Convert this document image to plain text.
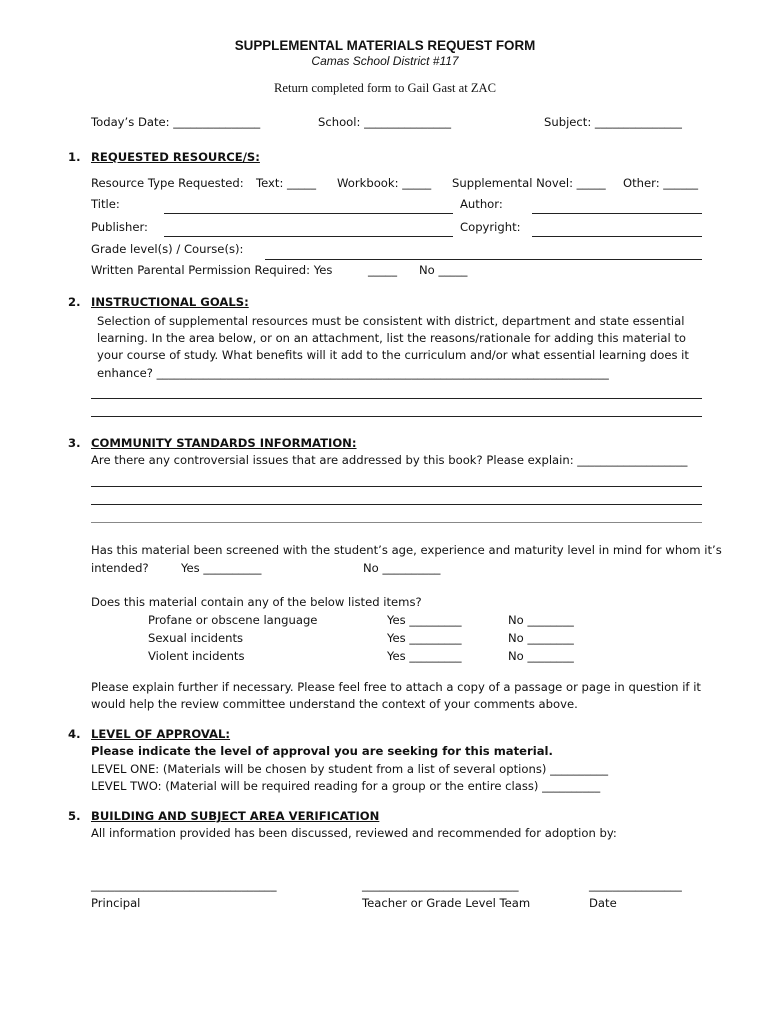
SUPPLEMENTAL MATERIALS REQUEST FORM
Camas School District #117
Return completed form to Gail Gast at ZAC
Today’s Date: _______________	School: _______________	Subject: _______________
1. REQUESTED RESOURCE/S:
Resource Type Requested: Text: _____ Workbook: _____ Supplemental Novel: _____ Other: ______
Title:	Author:
Publisher:	Copyright:
Grade level(s) / Course(s):
Written Parental Permission Required: Yes	_____ No _____
2. INSTRUCTIONAL GOALS:
Selection of supplemental resources must be consistent with district, department and state essential
learning. In the area below, or on an attachment, list the reasons/rationale for adding this material to
your course of study. What benefits will it add to the curriculum and/or what essential learning does it
enhance? ______________________________________________________________________________
3. COMMUNITY STANDARDS INFORMATION:
Are there any controversial issues that are addressed by this book? Please explain: ___________________
Has this material been screened with the student’s age, experience and maturity level in mind for whom it’s
intended?	Yes __________	No __________
Does this material contain any of the below listed items?
Profane or obscene language	Yes _________	No ________
Sexual incidents	Yes _________	No ________
Violent incidents	Yes _________	No ________
Please explain further if necessary. Please feel free to attach a copy of a passage or page in question if it
would help the review committee understand the context of your comments above.
4. LEVEL OF APPROVAL:
Please indicate the level of approval you are seeking for this material.
LEVEL ONE: (Materials will be chosen by student from a list of several options) __________
LEVEL TWO: (Material will be required reading for a group or the entire class) __________
5. BUILDING AND SUBJECT AREA VERIFICATION
All information provided has been discussed, reviewed and recommended for adoption by:
________________________________	___________________________	________________
Principal	Teacher or Grade Level Team	Date
